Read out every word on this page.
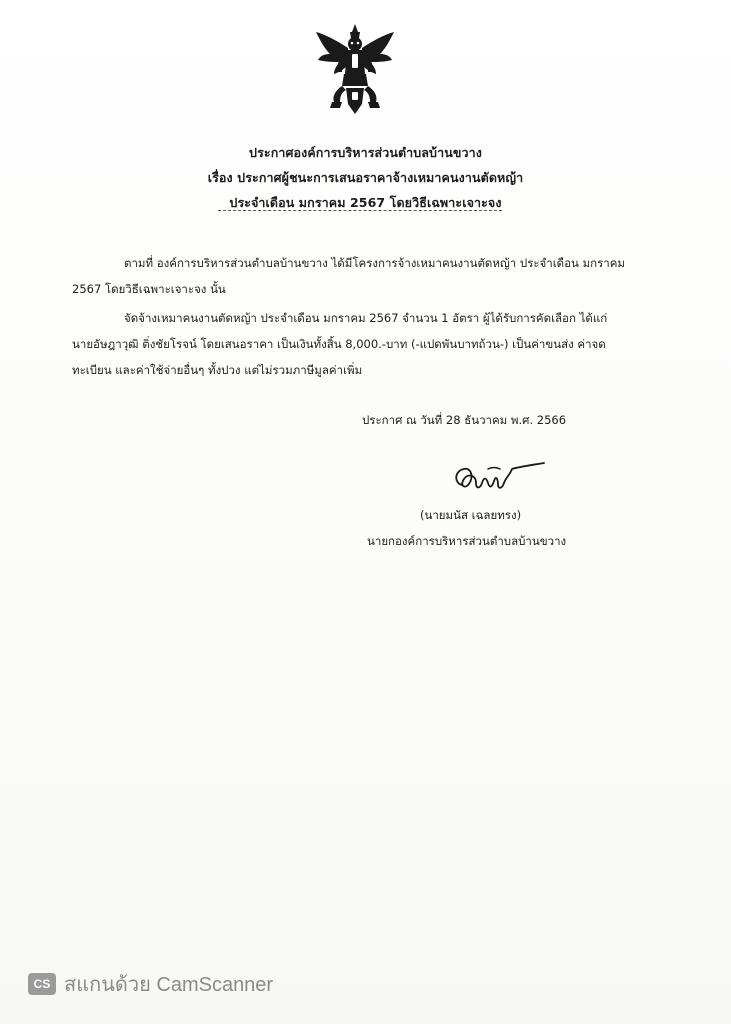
ประกาศองค์การบริหารส่วนตำบลบ้านขวาง
เรื่อง ประกาศผู้ชนะการเสนอราคาจ้างเหมาคนงานตัดหญ้า
ประจำเดือน มกราคม 2567 โดยวิธีเฉพาะเจาะจง
ตามที่ องค์การบริหารส่วนตำบลบ้านขวาง ได้มีโครงการจ้างเหมาคนงานตัดหญ้า ประจำเดือน มกราคม
2567 โดยวิธีเฉพาะเจาะจง นั้น
จัดจ้างเหมาคนงานตัดหญ้า ประจำเดือน มกราคม 2567 จำนวน 1 อัตรา ผู้ได้รับการคัดเลือก ได้แก่
นายอัษฎาวุฒิ ติ่งชัยโรจน์ โดยเสนอราคา เป็นเงินทั้งสิ้น 8,000.-บาท (-แปดพันบาทถ้วน-) เป็นค่าขนส่ง ค่าจด
ทะเบียน และค่าใช้จ่ายอื่นๆ ทั้งปวง แต่ไม่รวมภาษีมูลค่าเพิ่ม
ประกาศ ณ วันที่ 28 ธันวาคม พ.ศ. 2566
(นายมนัส เฉลยทรง)
นายกองค์การบริหารส่วนตำบลบ้านขวาง
CS สแกนด้วย CamScanner
